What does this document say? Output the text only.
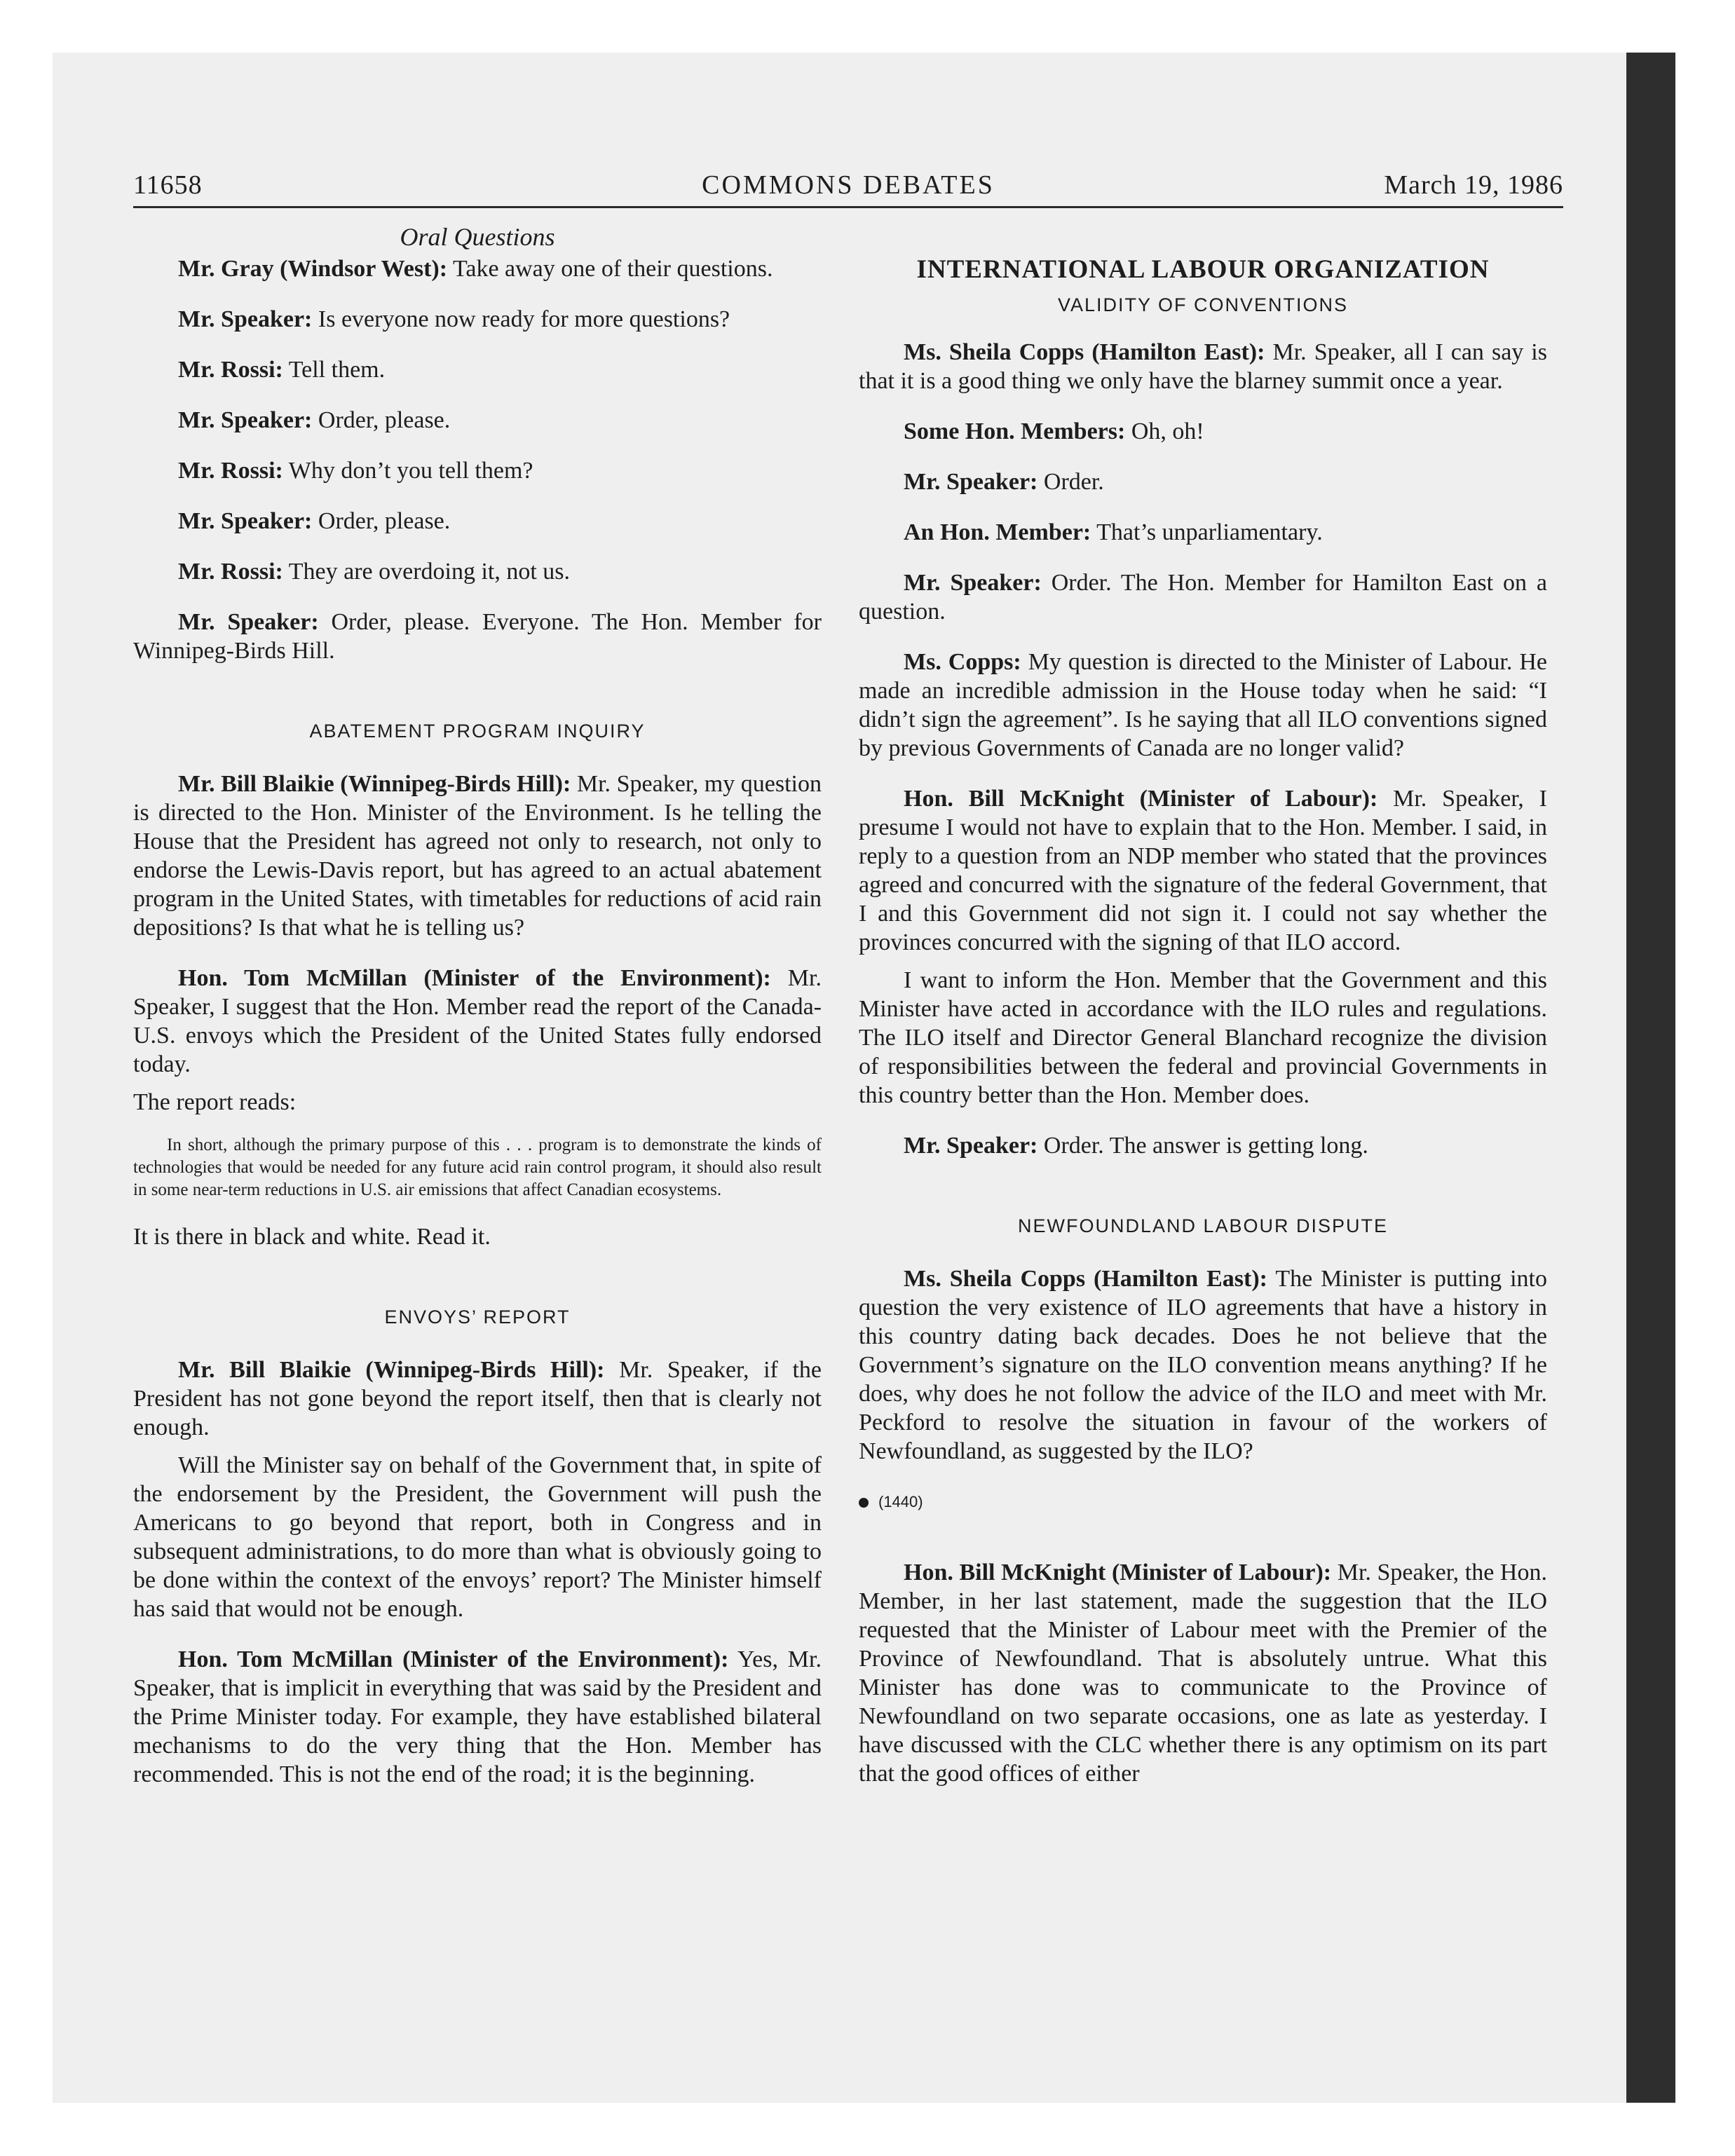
11658	COMMONS DEBATES	March 19, 1986
Oral Questions

Mr. Gray (Windsor West): Take away one of their questions.

Mr. Speaker: Is everyone now ready for more questions?

Mr. Rossi: Tell them.

Mr. Speaker: Order, please.

Mr. Rossi: Why don’t you tell them?

Mr. Speaker: Order, please.

Mr. Rossi: They are overdoing it, not us.

Mr. Speaker: Order, please. Everyone. The Hon. Member for Winnipeg-Birds Hill.

ABATEMENT PROGRAM INQUIRY

Mr. Bill Blaikie (Winnipeg-Birds Hill): Mr. Speaker, my question is directed to the Hon. Minister of the Environment. Is he telling the House that the President has agreed not only to research, not only to endorse the Lewis-Davis report, but has agreed to an actual abatement program in the United States, with timetables for reductions of acid rain depositions? Is that what he is telling us?

Hon. Tom McMillan (Minister of the Environment): Mr. Speaker, I suggest that the Hon. Member read the report of the Canada-U.S. envoys which the President of the United States fully endorsed today.

The report reads:

In short, although the primary purpose of this . . . program is to demonstrate the kinds of technologies that would be needed for any future acid rain control program, it should also result in some near-term reductions in U.S. air emissions that affect Canadian ecosystems.

It is there in black and white. Read it.

ENVOYS’ REPORT

Mr. Bill Blaikie (Winnipeg-Birds Hill): Mr. Speaker, if the President has not gone beyond the report itself, then that is clearly not enough.

Will the Minister say on behalf of the Government that, in spite of the endorsement by the President, the Government will push the Americans to go beyond that report, both in Congress and in subsequent administrations, to do more than what is obviously going to be done within the context of the envoys’ report? The Minister himself has said that would not be enough.

Hon. Tom McMillan (Minister of the Environment): Yes, Mr. Speaker, that is implicit in everything that was said by the President and the Prime Minister today. For example, they have established bilateral mechanisms to do the very thing that the Hon. Member has recommended. This is not the end of the road; it is the beginning.

INTERNATIONAL LABOUR ORGANIZATION
VALIDITY OF CONVENTIONS

Ms. Sheila Copps (Hamilton East): Mr. Speaker, all I can say is that it is a good thing we only have the blarney summit once a year.

Some Hon. Members: Oh, oh!

Mr. Speaker: Order.

An Hon. Member: That’s unparliamentary.

Mr. Speaker: Order. The Hon. Member for Hamilton East on a question.

Ms. Copps: My question is directed to the Minister of Labour. He made an incredible admission in the House today when he said: “I didn’t sign the agreement”. Is he saying that all ILO conventions signed by previous Governments of Canada are no longer valid?

Hon. Bill McKnight (Minister of Labour): Mr. Speaker, I presume I would not have to explain that to the Hon. Member. I said, in reply to a question from an NDP member who stated that the provinces agreed and concurred with the signature of the federal Government, that I and this Government did not sign it. I could not say whether the provinces concurred with the signing of that ILO accord.

I want to inform the Hon. Member that the Government and this Minister have acted in accordance with the ILO rules and regulations. The ILO itself and Director General Blanchard recognize the division of responsibilities between the federal and provincial Governments in this country better than the Hon. Member does.

Mr. Speaker: Order. The answer is getting long.

NEWFOUNDLAND LABOUR DISPUTE

Ms. Sheila Copps (Hamilton East): The Minister is putting into question the very existence of ILO agreements that have a history in this country dating back decades. Does he not believe that the Government’s signature on the ILO convention means anything? If he does, why does he not follow the advice of the ILO and meet with Mr. Peckford to resolve the situation in favour of the workers of Newfoundland, as suggested by the ILO?

(1440)

Hon. Bill McKnight (Minister of Labour): Mr. Speaker, the Hon. Member, in her last statement, made the suggestion that the ILO requested that the Minister of Labour meet with the Premier of the Province of Newfoundland. That is absolutely untrue. What this Minister has done was to communicate to the Province of Newfoundland on two separate occasions, one as late as yesterday. I have discussed with the CLC whether there is any optimism on its part that the good offices of either
